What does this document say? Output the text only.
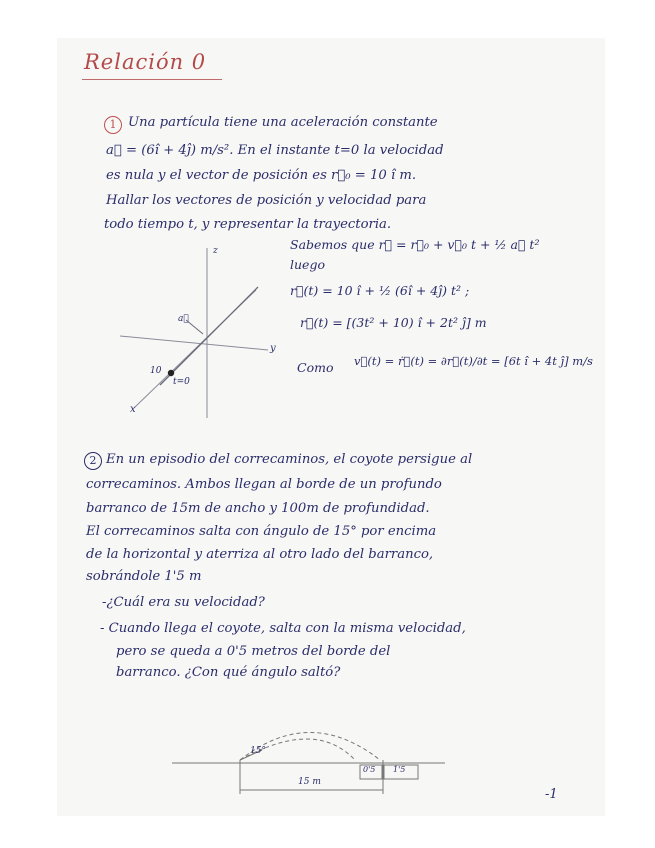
Relación 0
1 Una partícula tiene una aceleración constante
a⃗ = (6î + 4ĵ) m/s². En el instante t=0 la velocidad
es nula y el vector de posición es r⃗₀ = 10 î m.
Hallar los vectores de posición y velocidad para
todo tiempo t, y representar la trayectoria.
Sabemos que r⃗ = r⃗₀ + v⃗₀ t + ½ a⃗ t²
luego
r⃗(t) = 10 î + ½ (6î + 4ĵ) t² ;
r⃗(t) = [(3t² + 10) î + 2t² ĵ] m
Como v⃗(t) = ṙ⃗(t) = ∂r⃗(t)/∂t = [6t î + 4t ĵ] m/s
z
y
x
a⃗
10
t=0
2 En un episodio del correcaminos, el coyote persigue al
correcaminos. Ambos llegan al borde de un profundo
barranco de 15m de ancho y 100m de profundidad.
El correcaminos salta con ángulo de 15° por encima
de la horizontal y aterriza al otro lado del barranco,
sobrándole 1'5 m
-¿Cuál era su velocidad?
- Cuando llega el coyote, salta con la misma velocidad,
pero se queda a 0'5 metros del borde del
barranco. ¿Con qué ángulo saltó?
15°
15 m
0'5 1'5
-1
